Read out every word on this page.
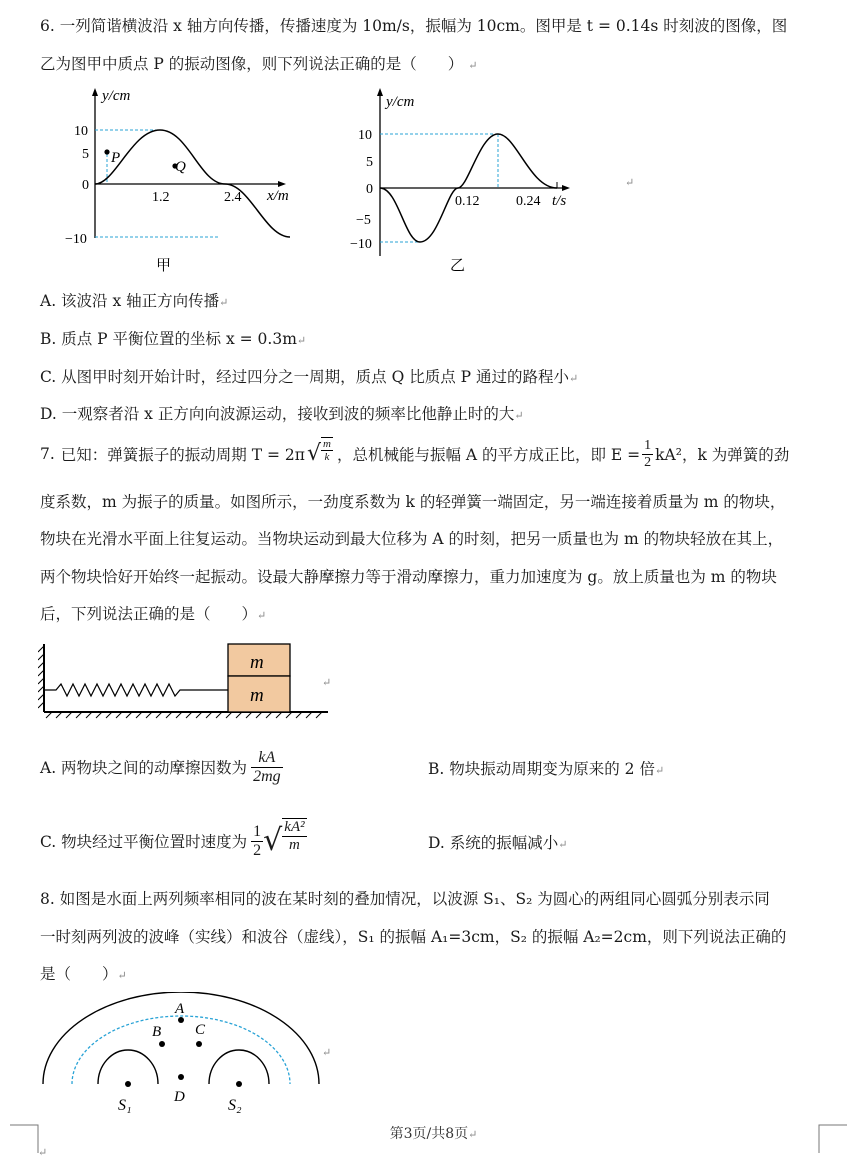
6. 一列简谐横波沿 x 轴方向传播，传播速度为 10m/s，振幅为 10cm。图甲是 t = 0.14s 时刻波的图像，图
乙为图甲中质点 P 的振动图像，则下列说法正确的是（　　） ↵
y/cm
x/m
10
5
0
−10
1.2	2.4
P
Q
甲
y/cm
t/s
10
5
0
−5
−10
0.12	0.24
乙
↵
A. 该波沿 x 轴正方向传播↵
B. 质点 P 平衡位置的坐标 x = 0.3m↵
C. 从图甲时刻开始计时，经过四分之一周期，质点 Q 比质点 P 通过的路程小↵
D. 一观察者沿 x 正方向向波源运动，接收到波的频率比他静止时的大↵
7. 已知：弹簧振子的振动周期 T = 2π √ $\frac{m}{k}$ ，总机械能与振幅 A 的平方成正比，即 $E = \frac{1}{2} kA^2$，k 为弹簧的劲
度系数，m 为振子的质量。如图所示，一劲度系数为 k 的轻弹簧一端固定，另一端连接着质量为 m 的物块，
物块在光滑水平面上往复运动。当物块运动到最大位移为 A 的时刻，把另一质量也为 m 的物块轻放在其上，
两个物块恰好开始终一起振动。设最大静摩擦力等于滑动摩擦力，重力加速度为 g。放上质量也为 m 的物块
后，下列说法正确的是（　　）↵
m
m
↵
A. 两物块之间的动摩擦因数为 $\frac{kA}{2mg}$	B. 物块振动周期变为原来的 2 倍↵
C. 物块经过平衡位置时速度为 $\frac{1}{2}$ √ $\frac{\text{kA²}}{m}$	D. 系统的振幅减小↵
8. 如图是水面上两列频率相同的波在某时刻的叠加情况，以波源 S₁、S₂ 为圆心的两组同心圆弧分别表示同
一时刻两列波的波峰（实线）和波谷（虚线），S₁ 的振幅 A₁=3cm，S₂ 的振幅 A₂=2cm，则下列说法正确的
是（　　）↵
A
B C
D
S₁	S₂
↵
↵
第3页/共8页↵
